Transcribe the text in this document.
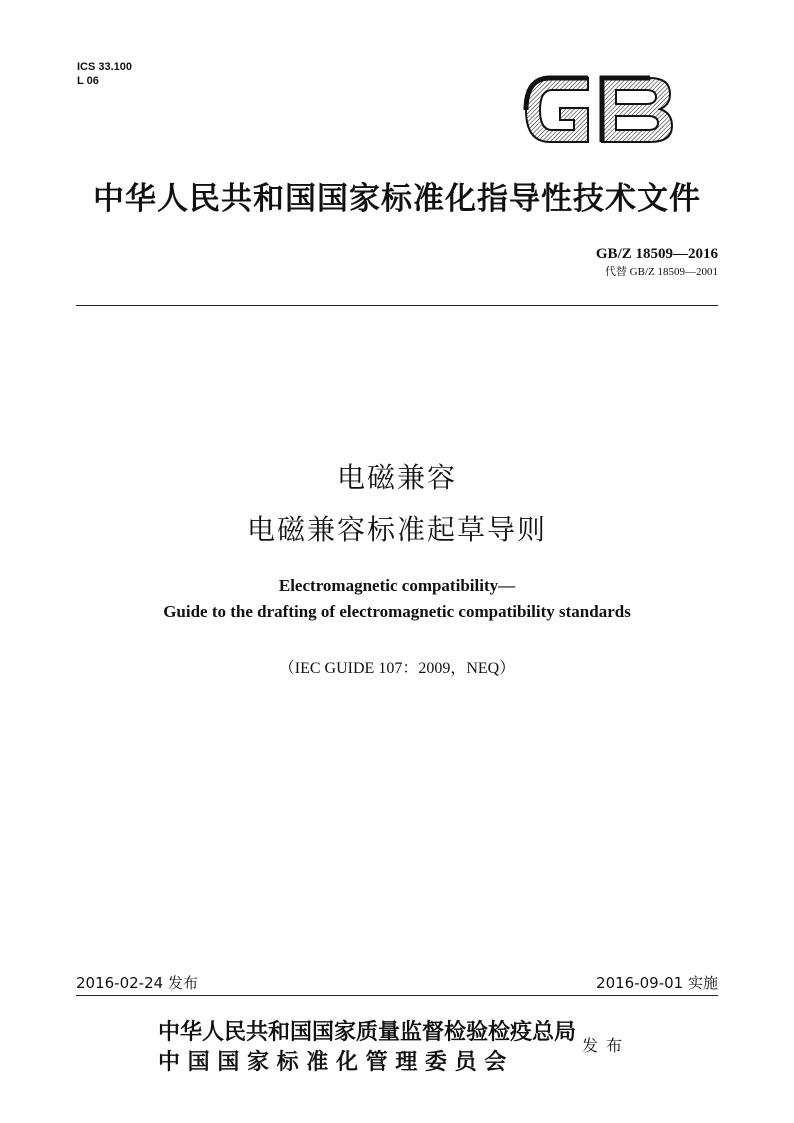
ICS 33.100
L 06
中华人民共和国国家标准化指导性技术文件
GB/Z 18509—2016
代替 GB/Z 18509—2001
电磁兼容
电磁兼容标准起草导则
Electromagnetic compatibility—
Guide to the drafting of electromagnetic compatibility standards
（IEC GUIDE 107：2009，NEQ）
2016-02-24 发布	2016-09-01 实施
中华人民共和国国家质量监督检验检疫总局
中 国 国 家 标 准 化 管 理 委 员 会
发布
